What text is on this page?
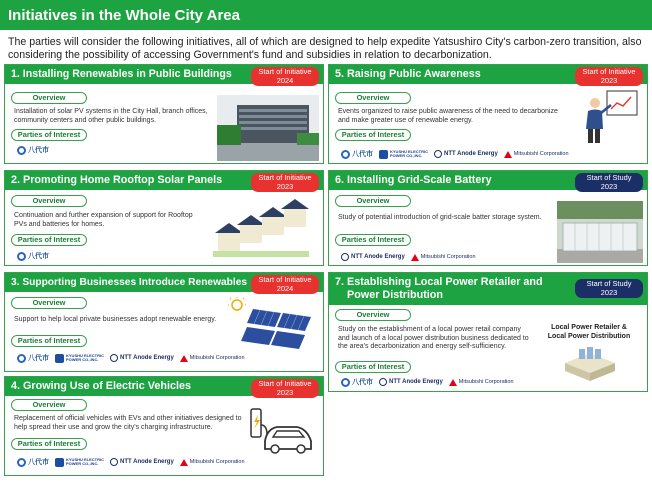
Initiatives in the Whole City Area
The parties will consider the following initiatives, all of which are designed to help expedite Yatsushiro City's carbon-zero transition, also considering the possibility of accessing Government's fund and subsidies in relation to decarbonization.
1. Installing Renewables in Public Buildings	Start of Initiative
2024
Overview
Installation of solar PV systems in the City Hall, branch offices, community centers and other public buildings.
Parties of Interest
八代市
2. Promoting Home Rooftop Solar Panels	Start of Initiative
2023
Overview
Continuation and further expansion of support for Rooftop PVs and batteries for homes.
Parties of Interest
八代市
3. Supporting Businesses Introduce Renewables	Start of Initiative
2024
Overview
Support to help local private businesses adopt renewable energy.
Parties of Interest
八代市	KYUSHU ELECTRIC
POWER CO.,INC.	NTT Anode Energy	Mitsubishi Corporation
4. Growing Use of Electric Vehicles	Start of Initiative
2023
Overview
Replacement of official vehicles with EVs and other initiatives designed to help spread their use and grow the city's charging infrastructure.
Parties of Interest
八代市	KYUSHU ELECTRIC
POWER CO.,INC.	NTT Anode Energy	Mitsubishi Corporation
5. Raising Public Awareness	Start of Initiative
2023
Overview
Events organized to raise public awareness of the need to decarbonize and make greater use of renewable energy.
Parties of Interest
八代市	KYUSHU ELECTRIC
POWER CO.,INC.	NTT Anode Energy	Mitsubishi Corporation
6. Installing Grid-Scale Battery	Start of Study
2023
Overview
Study of potential introduction of grid-scale batter storage system.
Parties of Interest
NTT Anode Energy	Mitsubishi Corporation
7. Establishing Local Power Retailer and
Power Distribution
Start of Study
2023
Overview
Study on the establishment of a local power retail company and launch of a local power distribution business dedicated to the area's decarbonization and energy self-sufficiency.
Parties of Interest
八代市	NTT Anode Energy	Mitsubishi Corporation
Local Power Retailer &
Local Power Distribution
